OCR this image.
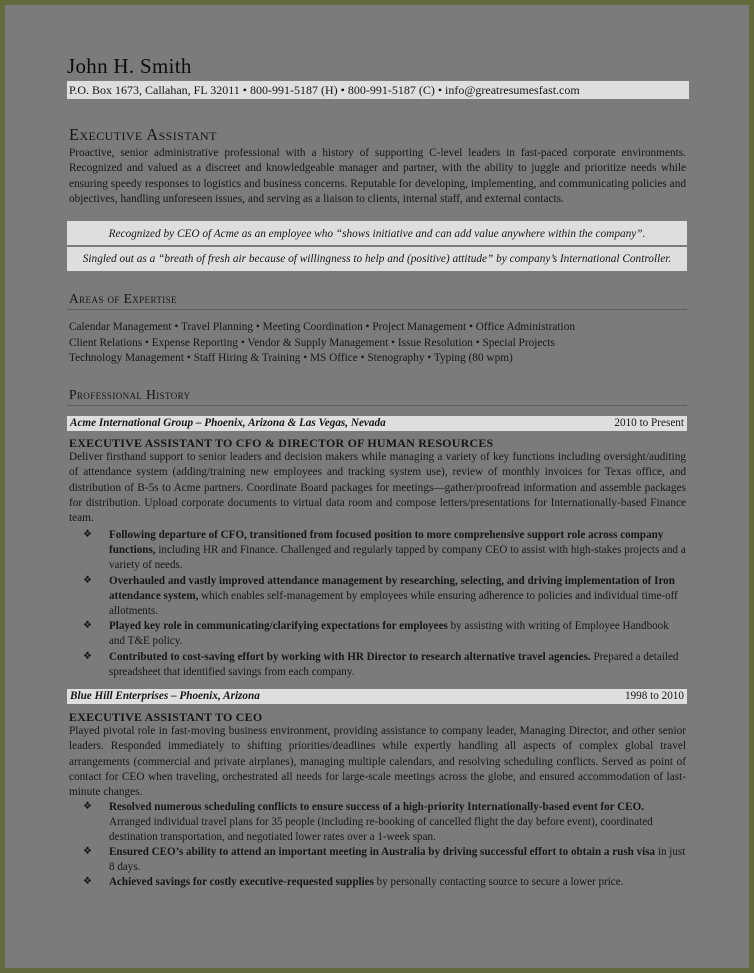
John H. Smith
P.O. Box 1673, Callahan, FL 32011 • 800-991-5187 (H) • 800-991-5187 (C) • info@greatresumesfast.com
Executive Assistant
Proactive, senior administrative professional with a history of supporting C-level leaders in fast-paced corporate environments. Recognized and valued as a discreet and knowledgeable manager and partner, with the ability to juggle and prioritize needs while ensuring speedy responses to logistics and business concerns. Reputable for developing, implementing, and communicating policies and objectives, handling unforeseen issues, and serving as a liaison to clients, internal staff, and external contacts.
Recognized by CEO of Acme as an employee who “shows initiative and can add value anywhere within the company”.
Singled out as a “breath of fresh air because of willingness to help and (positive) attitude” by company’s International Controller.
Areas of Expertise
Calendar Management • Travel Planning • Meeting Coordination • Project Management • Office Administration
Client Relations • Expense Reporting • Vendor & Supply Management • Issue Resolution • Special Projects
Technology Management • Staff Hiring & Training • MS Office • Stenography • Typing (80 wpm)
Professional History
Acme International Group – Phoenix, Arizona & Las Vegas, Nevada	2010 to Present
EXECUTIVE ASSISTANT TO CFO & DIRECTOR OF HUMAN RESOURCES
Deliver firsthand support to senior leaders and decision makers while managing a variety of key functions including oversight/auditing of attendance system (adding/training new employees and tracking system use), review of monthly invoices for Texas office, and distribution of B-5s to Acme partners. Coordinate Board packages for meetings—gather/proofread information and assemble packages for distribution. Upload corporate documents to virtual data room and compose letters/presentations for Internationally-based Finance team.
❖	Following departure of CFO, transitioned from focused position to more comprehensive support role across company functions, including HR and Finance. Challenged and regularly tapped by company CEO to assist with high-stakes projects and a variety of needs.
❖	Overhauled and vastly improved attendance management by researching, selecting, and driving implementation of Iron attendance system, which enables self-management by employees while ensuring adherence to policies and individual time-off allotments.
❖	Played key role in communicating/clarifying expectations for employees by assisting with writing of Employee Handbook and T&E policy.
❖	Contributed to cost-saving effort by working with HR Director to research alternative travel agencies. Prepared a detailed spreadsheet that identified savings from each company.
Blue Hill Enterprises – Phoenix, Arizona	1998 to 2010
EXECUTIVE ASSISTANT TO CEO
Played pivotal role in fast-moving business environment, providing assistance to company leader, Managing Director, and other senior leaders. Responded immediately to shifting priorities/deadlines while expertly handling all aspects of complex global travel arrangements (commercial and private airplanes), managing multiple calendars, and resolving scheduling conflicts. Served as point of contact for CEO when traveling, orchestrated all needs for large-scale meetings across the globe, and ensured accommodation of last-minute changes.
❖	Resolved numerous scheduling conflicts to ensure success of a high-priority Internationally-based event for CEO. Arranged individual travel plans for 35 people (including re-booking of cancelled flight the day before event), coordinated destination transportation, and negotiated lower rates over a 1-week span.
❖	Ensured CEO’s ability to attend an important meeting in Australia by driving successful effort to obtain a rush visa in just 8 days.
❖	Achieved savings for costly executive-requested supplies by personally contacting source to secure a lower price.
